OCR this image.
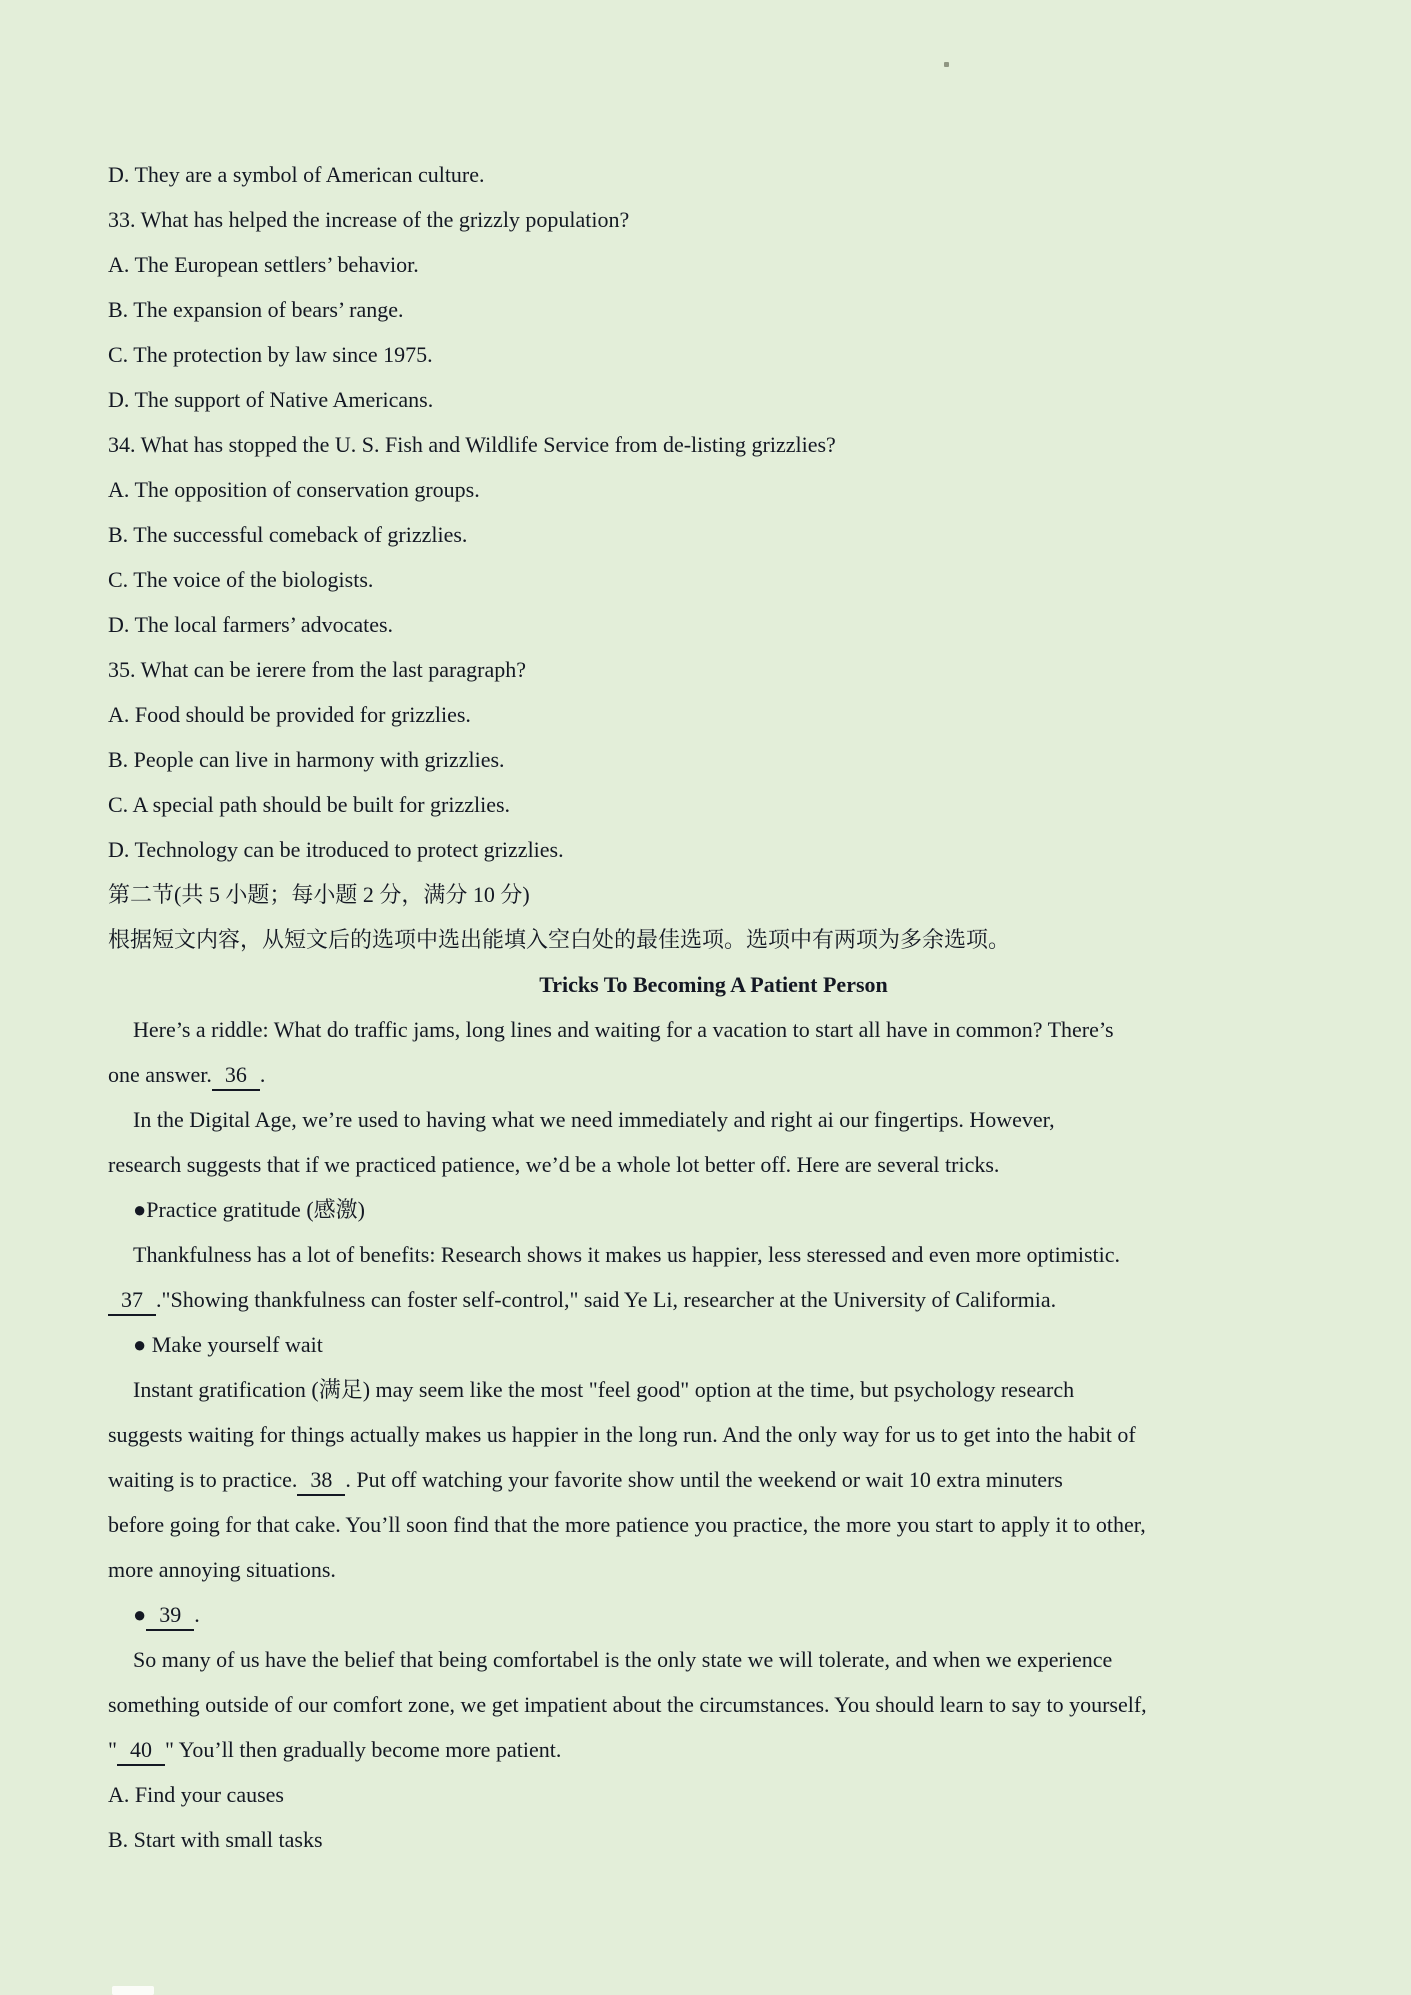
D. They are a symbol of American culture.
33. What has helped the increase of the grizzly population?
A. The European settlers’ behavior.
B. The expansion of bears’ range.
C. The protection by law since 1975.
D. The support of Native Americans.
34. What has stopped the U. S. Fish and Wildlife Service from de-listing grizzlies?
A. The opposition of conservation groups.
B. The successful comeback of grizzlies.
C. The voice of the biologists.
D. The local farmers’ advocates.
35. What can be ierere from the last paragraph?
A. Food should be provided for grizzlies.
B. People can live in harmony with grizzlies.
C. A special path should be built for grizzlies.
D. Technology can be itroduced to protect grizzlies.
第二节(共 5 小题；每小题 2 分，满分 10 分)
根据短文内容，从短文后的选项中选出能填入空白处的最佳选项。选项中有两项为多余选项。
Tricks To Becoming A Patient Person
Here’s a riddle: What do traffic jams, long lines and waiting for a vacation to start all have in common? There’s
one answer. 36 .
In the Digital Age, we’re used to having what we need immediately and right ai our fingertips. However,
research suggests that if we practiced patience, we’d be a whole lot better off. Here are several tricks.
●Practice gratitude (感激)
Thankfulness has a lot of benefits: Research shows it makes us happier, less steressed and even more optimistic.
37 ."Showing thankfulness can foster self-control," said Ye Li, researcher at the University of Califormia.
● Make yourself wait
Instant gratification (满足) may seem like the most "feel good" option at the time, but psychology research
suggests waiting for things actually makes us happier in the long run. And the only way for us to get into the habit of
waiting is to practice. 38 . Put off watching your favorite show until the weekend or wait 10 extra minuters
before going for that cake. You’ll soon find that the more patience you practice, the more you start to apply it to other,
more annoying situations.
● 39 .
So many of us have the belief that being comfortabel is the only state we will tolerate, and when we experience
something outside of our comfort zone, we get impatient about the circumstances. You should learn to say to yourself,
" 40 " You’ll then gradually become more patient.
A. Find your causes
B. Start with small tasks
